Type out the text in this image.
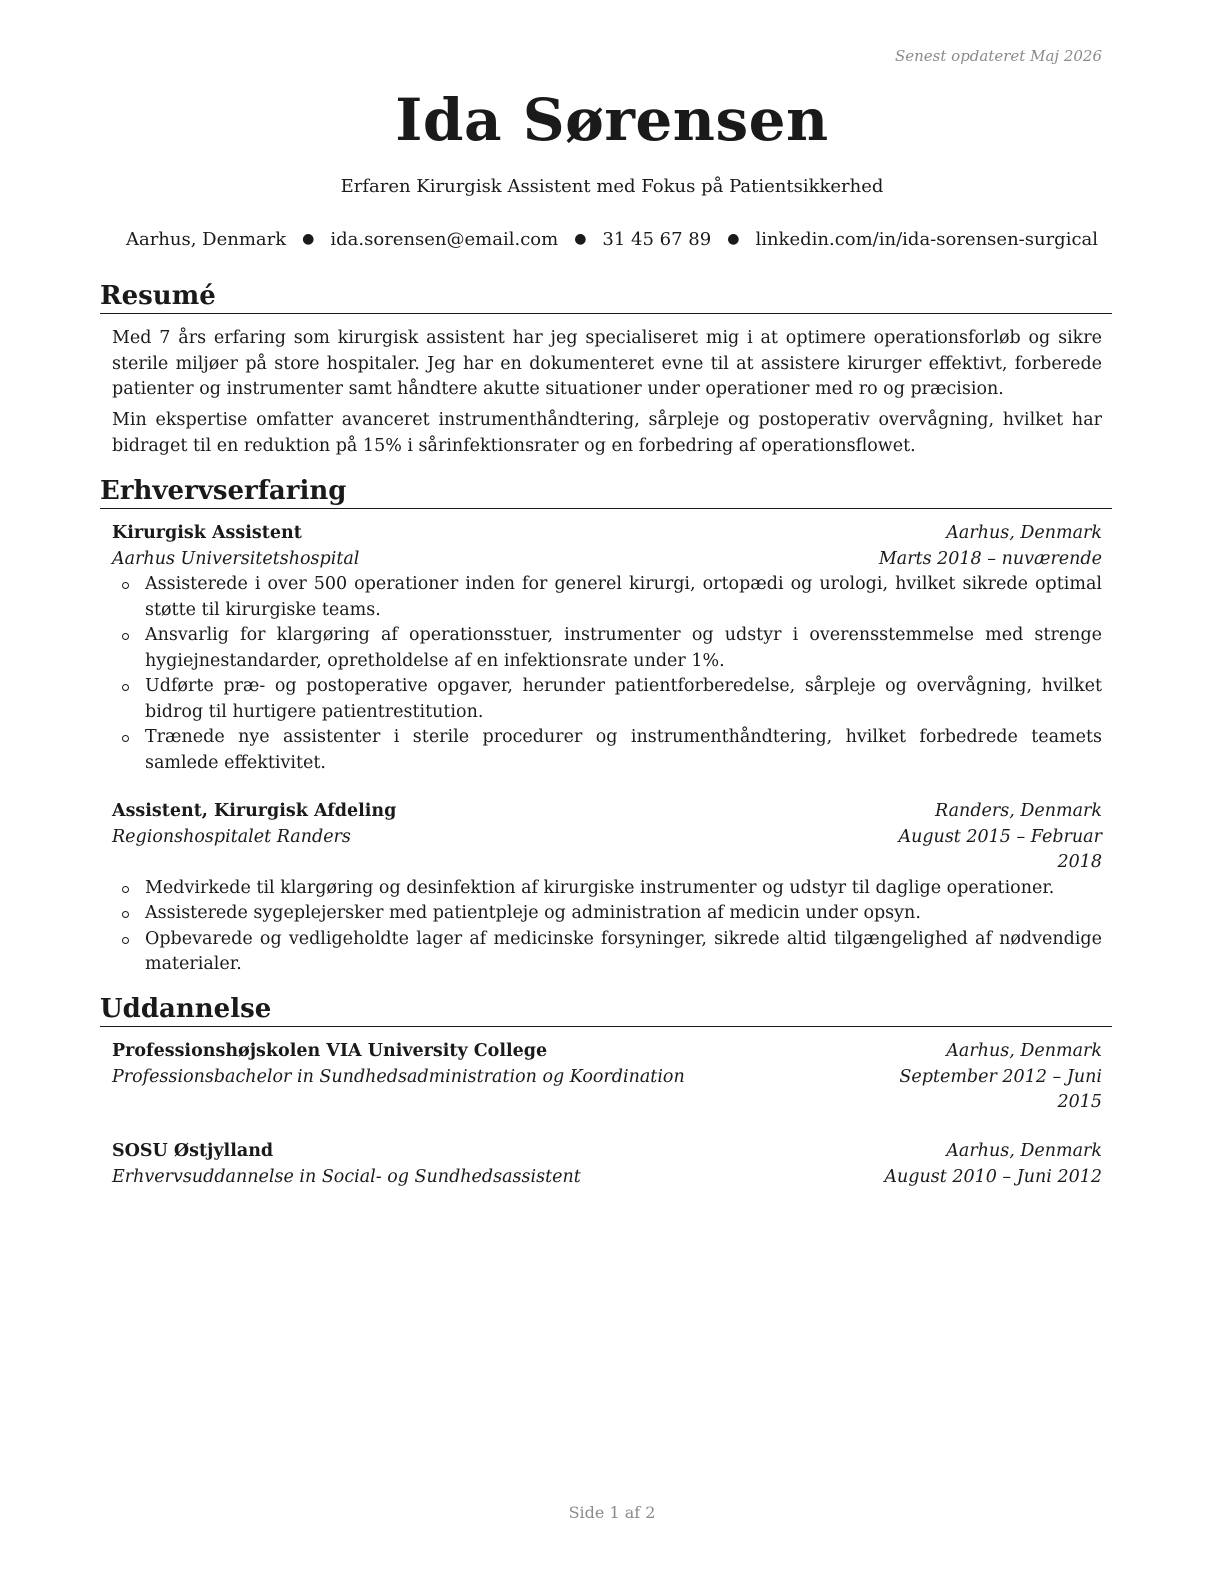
Senest opdateret Maj 2026
Ida Sørensen
Erfaren Kirurgisk Assistent med Fokus på Patientsikkerhed
Aarhus, Denmark ● ida.sorensen@email.com ● 31 45 67 89 ● linkedin.com/in/ida-sorensen-surgical
Resumé
Med 7 års erfaring som kirurgisk assistent har jeg specialiseret mig i at optimere operationsforløb og sikre sterile miljøer på store hospitaler. Jeg har en dokumenteret evne til at assistere kirurger effektivt, forberede patienter og instrumenter samt håndtere akutte situationer under operationer med ro og præcision.
Min ekspertise omfatter avanceret instrumenthåndtering, sårpleje og postoperativ overvågning, hvilket har bidraget til en reduktion på 15% i sårinfektionsrater og en forbedring af operationsflowet.
Erhvervserfaring
Kirurgisk Assistent	Aarhus, Denmark
Aarhus Universitetshospital	Marts 2018 – nuværende
Assisterede i over 500 operationer inden for generel kirurgi, ortopædi og urologi, hvilket sikrede optimal støtte til kirurgiske teams.
Ansvarlig for klargøring af operationsstuer, instrumenter og udstyr i overensstemmelse med strenge hygiejnestandarder, opretholdelse af en infektionsrate under 1%.
Udførte præ- og postoperative opgaver, herunder patientforberedelse, sårpleje og overvågning, hvilket bidrog til hurtigere patientrestitution.
Trænede nye assistenter i sterile procedurer og instrumenthåndtering, hvilket forbedrede teamets samlede effektivitet.
Assistent, Kirurgisk Afdeling	Randers, Denmark
Regionshospitalet Randers	August 2015 – Februar 2018
Medvirkede til klargøring og desinfektion af kirurgiske instrumenter og udstyr til daglige operationer.
Assisterede sygeplejersker med patientpleje og administration af medicin under opsyn.
Opbevarede og vedligeholdte lager af medicinske forsyninger, sikrede altid tilgængelighed af nødvendige materialer.
Uddannelse
Professionshøjskolen VIA University College	Aarhus, Denmark
Professionsbachelor in Sundhedsadministration og Koordination	September 2012 – Juni 2015
SOSU Østjylland	Aarhus, Denmark
Erhvervsuddannelse in Social- og Sundhedsassistent	August 2010 – Juni 2012
Side 1 af 2
